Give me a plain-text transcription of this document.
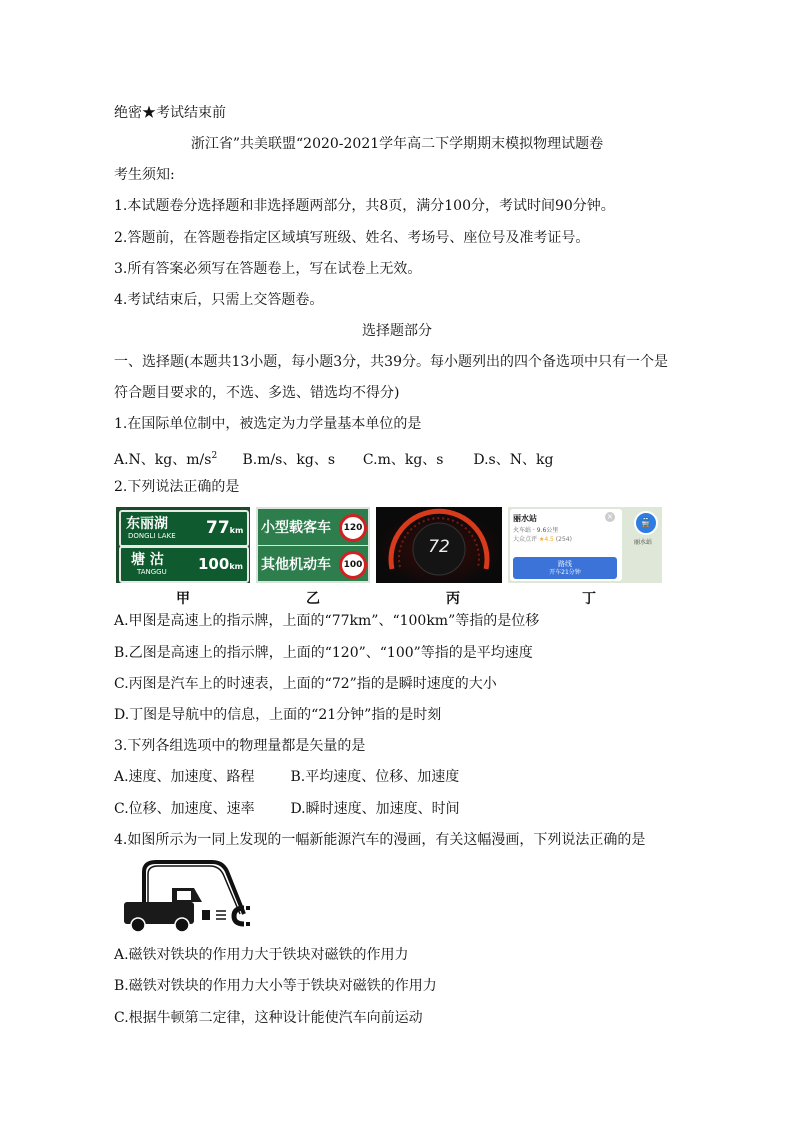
绝密★考试结束前
浙江省”共美联盟“2020-2021学年高二下学期期末模拟物理试题卷
考生须知:
1.本试题卷分选择题和非选择题两部分，共8页，满分100分，考试时间90分钟。
2.答题前，在答题卷指定区域填写班级、姓名、考场号、座位号及准考证号。
3.所有答案必须写在答题卷上，写在试卷上无效。
4.考试结束后，只需上交答题卷。
选择题部分
一、选择题(本题共13小题，每小题3分，共39分。每小题列出的四个备选项中只有一个是
符合题目要求的，不选、多选、错选均不得分)
1.在国际单位制中，被选定为力学量基本单位的是
A.N、kg、$m/s^2$ B.m/s、kg、s C.m、kg、s D.s、N、kg
2.下列说法正确的是
东丽湖
DONGLI LAKE 77km
塘 沽
TANGGU 100km
小型载客车	120
其他机动车	100
72
丽水站	×
火车站 · 9.6公里
大众点评 ★4.5 (254)
路线
开车21分钟
🚆
丽水站
甲	乙	丙	丁
A.甲图是高速上的指示牌，上面的“77km”、“100km”等指的是位移
B.乙图是高速上的指示牌，上面的“120”、“100”等指的是平均速度
C.丙图是汽车上的时速表，上面的“72”指的是瞬时速度的大小
D.丁图是导航中的信息，上面的“21分钟”指的是时刻
3.下列各组选项中的物理量都是矢量的是
A.速度、加速度、路程	B.平均速度、位移、加速度
C.位移、加速度、速率	D.瞬时速度、加速度、时间
4.如图所示为一同上发现的一幅新能源汽车的漫画，有关这幅漫画，下列说法正确的是
A.磁铁对铁块的作用力大于铁块对磁铁的作用力
B.磁铁对铁块的作用力大小等于铁块对磁铁的作用力
C.根据牛顿第二定律，这种设计能使汽车向前运动
